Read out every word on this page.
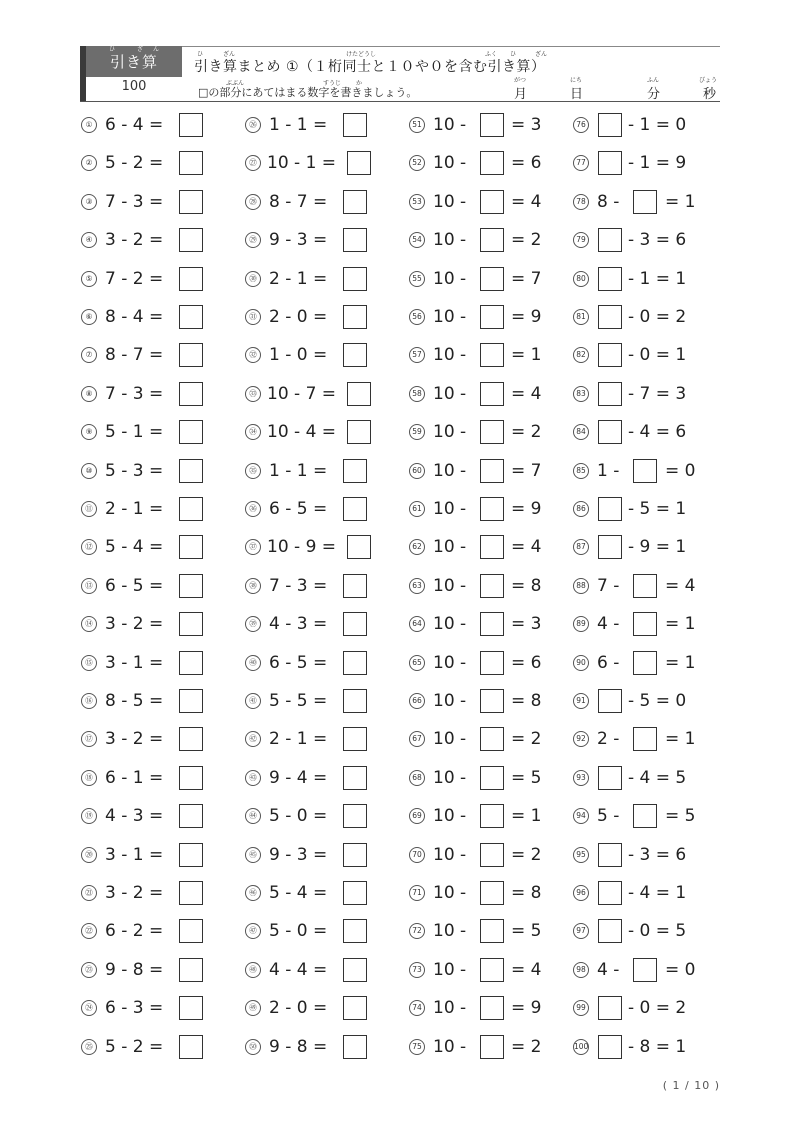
ひ ざん
引き算
100
ひ	ざん	けたどうし	ふく ひ	ざん
引き算まとめ ①（１桁同士と１０や０を含む引き算）
ぶぶん	すうじ か
□の部分にあてはまる数字を書きましょう。
がつ
月
にち
日
ふん
分
びょう
秒
① 6 - 4 =
② 5 - 2 =
③ 7 - 3 =
④ 3 - 2 =
⑤ 7 - 2 =
⑥ 8 - 4 =
⑦ 8 - 7 =
⑧ 7 - 3 =
⑨ 5 - 1 =
⑩ 5 - 3 =
⑪ 2 - 1 =
⑫ 5 - 4 =
⑬ 6 - 5 =
⑭ 3 - 2 =
⑮ 3 - 1 =
⑯ 8 - 5 =
⑰ 3 - 2 =
⑱ 6 - 1 =
⑲ 4 - 3 =
⑳ 3 - 1 =
㉑ 3 - 2 =
㉒ 6 - 2 =
㉓ 9 - 8 =
㉔ 6 - 3 =
㉕ 5 - 2 =
㉖ 1 - 1 =
㉗ 10 - 1 =
㉘ 8 - 7 =
㉙ 9 - 3 =
㉚ 2 - 1 =
㉛ 2 - 0 =
㉜ 1 - 0 =
㉝ 10 - 7 =
㉞ 10 - 4 =
㉟ 1 - 1 =
㊱ 6 - 5 =
㊲ 10 - 9 =
㊳ 7 - 3 =
㊴ 4 - 3 =
㊵ 6 - 5 =
㊶ 5 - 5 =
㊷ 2 - 1 =
㊸ 9 - 4 =
㊹ 5 - 0 =
㊺ 9 - 3 =
㊻ 5 - 4 =
㊼ 5 - 0 =
㊽ 4 - 4 =
㊾ 2 - 0 =
㊿ 9 - 8 =
51 10 -	= 3
52 10 -	= 6
53 10 -	= 4
54 10 -	= 2
55 10 -	= 7
56 10 -	= 9
57 10 -	= 1
58 10 -	= 4
59 10 -	= 2
60 10 -	= 7
61 10 -	= 9
62 10 -	= 4
63 10 -	= 8
64 10 -	= 3
65 10 -	= 6
66 10 -	= 8
67 10 -	= 2
68 10 -	= 5
69 10 -	= 1
70 10 -	= 2
71 10 -	= 8
72 10 -	= 5
73 10 -	= 4
74 10 -	= 9
75 10 -	= 2
76 - 1 = 0
77 - 1 = 9
78 8 -	= 1
79 - 3 = 6
80 - 1 = 1
81 - 0 = 2
82 - 0 = 1
83 - 7 = 3
84 - 4 = 6
85 1 -	= 0
86 - 5 = 1
87 - 9 = 1
88 7 -	= 4
89 4 -	= 1
90 6 -	= 1
91 - 5 = 0
92 2 -	= 1
93 - 4 = 5
94 5 -	= 5
95 - 3 = 6
96 - 4 = 1
97 - 0 = 5
98 4 -	= 0
99 - 0 = 2
100 - 8 = 1
( 1 / 10 )
